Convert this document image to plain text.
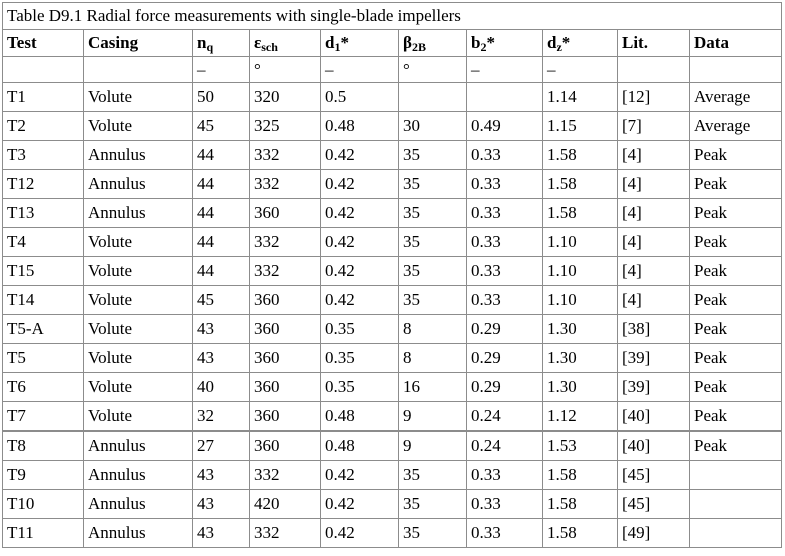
Table D9.1 Radial force measurements with single-blade impellers									
Test	Casing	$n_q$	$\varepsilon_{sch}$	$d_1*$	$\beta_{2B}$	$b_2*$	$d_z*$	Lit.	Data
		–	°	–	°	–	–		
T1	Volute	50	320	0.5			1.14	[12]	Average
T2	Volute	45	325	0.48	30	0.49	1.15	[7]	Average
T3	Annulus	44	332	0.42	35	0.33	1.58	[4]	Peak
T12	Annulus	44	332	0.42	35	0.33	1.58	[4]	Peak
T13	Annulus	44	360	0.42	35	0.33	1.58	[4]	Peak
T4	Volute	44	332	0.42	35	0.33	1.10	[4]	Peak
T15	Volute	44	332	0.42	35	0.33	1.10	[4]	Peak
T14	Volute	45	360	0.42	35	0.33	1.10	[4]	Peak
T5-A	Volute	43	360	0.35	8	0.29	1.30	[38]	Peak
T5	Volute	43	360	0.35	8	0.29	1.30	[39]	Peak
T6	Volute	40	360	0.35	16	0.29	1.30	[39]	Peak
T7	Volute	32	360	0.48	9	0.24	1.12	[40]	Peak
T8	Annulus	27	360	0.48	9	0.24	1.53	[40]	Peak
T9	Annulus	43	332	0.42	35	0.33	1.58	[45]	
T10	Annulus	43	420	0.42	35	0.33	1.58	[45]	
T11	Annulus	43	332	0.42	35	0.33	1.58	[49]	
